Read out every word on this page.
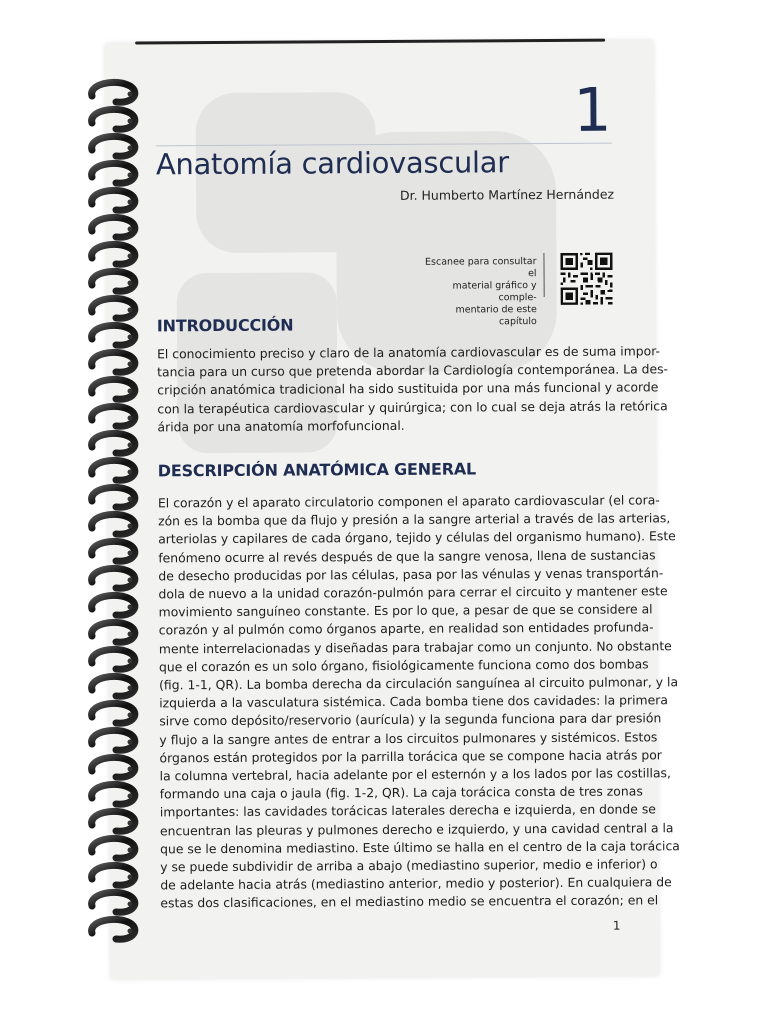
1
Anatomía cardiovascular
Dr. Humberto Martínez Hernández
Escanee para consultar el
material gráfico y comple-
mentario de este capítulo
INTRODUCCIÓN

El conocimiento preciso y claro de la anatomía cardiovascular es de suma impor-
tancia para un curso que pretenda abordar la Cardiología contemporánea. La des-
cripción anatómica tradicional ha sido sustituida por una más funcional y acorde
con la terapéutica cardiovascular y quirúrgica; con lo cual se deja atrás la retórica
árida por una anatomía morfofuncional.

DESCRIPCIÓN ANATÓMICA GENERAL

El corazón y el aparato circulatorio componen el aparato cardiovascular (el cora-
zón es la bomba que da flujo y presión a la sangre arterial a través de las arterias,
arteriolas y capilares de cada órgano, tejido y células del organismo humano). Este
fenómeno ocurre al revés después de que la sangre venosa, llena de sustancias
de desecho producidas por las células, pasa por las vénulas y venas transportán-
dola de nuevo a la unidad corazón-pulmón para cerrar el circuito y mantener este
movimiento sanguíneo constante. Es por lo que, a pesar de que se considere al
corazón y al pulmón como órganos aparte, en realidad son entidades profunda-
mente interrelacionadas y diseñadas para trabajar como un conjunto. No obstante
que el corazón es un solo órgano, fisiológicamente funciona como dos bombas
(fig. 1-1, QR). La bomba derecha da circulación sanguínea al circuito pulmonar, y la
izquierda a la vasculatura sistémica. Cada bomba tiene dos cavidades: la primera
sirve como depósito/reservorio (aurícula) y la segunda funciona para dar presión
y flujo a la sangre antes de entrar a los circuitos pulmonares y sistémicos. Estos
órganos están protegidos por la parrilla torácica que se compone hacia atrás por
la columna vertebral, hacia adelante por el esternón y a los lados por las costillas,
formando una caja o jaula (fig. 1-2, QR). La caja torácica consta de tres zonas
importantes: las cavidades torácicas laterales derecha e izquierda, en donde se
encuentran las pleuras y pulmones derecho e izquierdo, y una cavidad central a la
que se le denomina mediastino. Este último se halla en el centro de la caja torácica
y se puede subdividir de arriba a abajo (mediastino superior, medio e inferior) o
de adelante hacia atrás (mediastino anterior, medio y posterior). En cualquiera de
estas dos clasificaciones, en el mediastino medio se encuentra el corazón; en el

1
